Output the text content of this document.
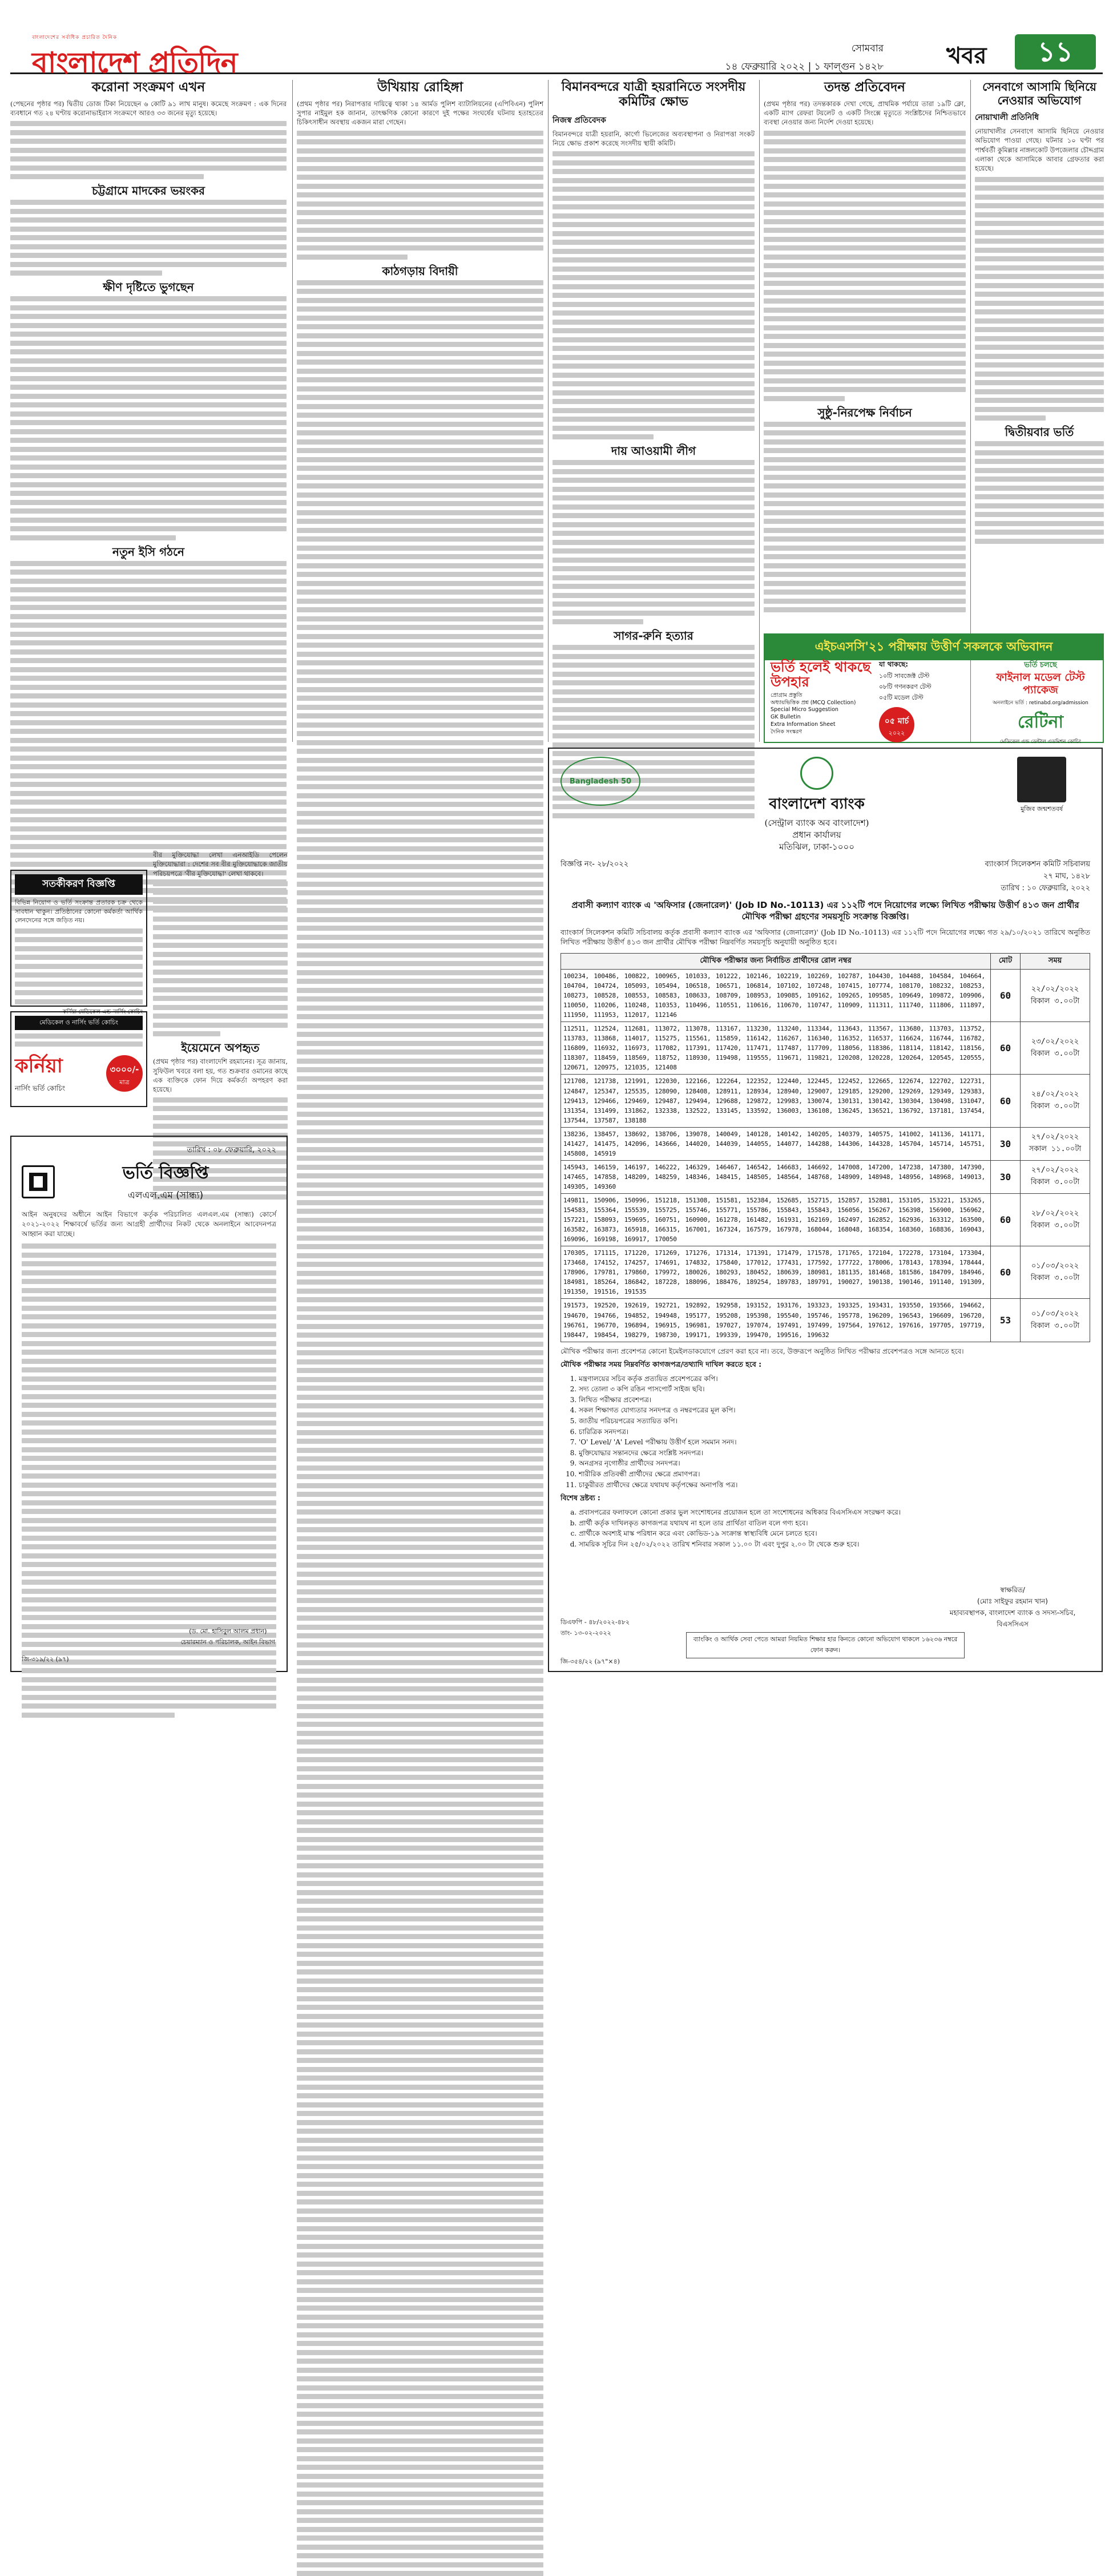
বাংলাদেশের সর্বাধিক প্রচারিত দৈনিক
বাংলাদেশ প্রতিদিন	সোমবার
১৪ ফেব্রুয়ারি ২০২২ | ১ ফাল্গুন ১৪২৮	খবর	১১
করোনা সংক্রমণ এখন
(পেছনের পৃষ্ঠার পর) দ্বিতীয় ডোজ টিকা নিয়েছেন ৬ কোটি ৯১ লাখ মানুষ। কমেছে সংক্রমণ : এক দিনের ব্যবধানে গত ২৪ ঘণ্টায় করোনাভাইরাস সংক্রমণে আরও ৩৩ জনের মৃত্যু হয়েছে।
চট্টগ্রামে মাদকের ভয়ংকর
ক্ষীণ দৃষ্টিতে ভুগছেন
নতুন ইসি গঠনে
বীর মুক্তিযোদ্ধা লেখা এনআইডি পেলেন মুক্তিযোদ্ধারা : দেশের সব বীর মুক্তিযোদ্ধাকে জাতীয় পরিচয়পত্রে 'বীর মুক্তিযোদ্ধা' লেখা থাকবে।
ইয়েমেনে অপহৃত
(প্রথম পৃষ্ঠার পর) বাংলাদেশি রহমানের। সূত্র জানায়, সুফিউল খবরে বলা হয়, গত শুক্রবার ওমানের কাছে এক ব্যক্তিকে ফোন দিয়ে কর্মকর্তা অপহরণ করা হয়েছে।
সতর্কীকরণ বিজ্ঞপ্তি
বিভিন্ন নিয়োগ ও ভর্তি সংক্রান্ত প্রতারক চক্র থেকে সাবধান থাকুন। প্রতিষ্ঠানের কোনো কর্মকর্তা আর্থিক লেনদেনের সঙ্গে জড়িত নয়।
কর্নিয়া মেডিকেল এন্ড নার্সিং কোচিং
মেডিকেল ও নার্সিং ভর্তি কোচিং
কর্নিয়া
নার্সিং ভর্তি কোচিং
৩০০০/-
মাত্র
তারিখ : ০৮ ফেব্রুয়ারি, ২০২২
ভর্তি বিজ্ঞপ্তি
এলএল.এম (সান্ধ্য)
আইন অনুষদের অধীনে আইন বিভাগে কর্তৃক পরিচালিত এলএল.এম (সান্ধ্য) কোর্সে ২০২১-২০২২ শিক্ষাবর্ষে ভর্তির জন্য আগ্রহী প্রার্থীদের নিকট থেকে অনলাইনে আবেদনপত্র আহ্বান করা যাচ্ছে।
(ড. মো. হাসিবুল আলম প্রধান)
চেয়ারম্যান ও পরিচালক, আইন বিভাগ
জি-৩১৯/২২ (৯৭)
উখিয়ায় রোহিঙ্গা
(প্রথম পৃষ্ঠার পর) নিরাপত্তার দায়িত্বে থাকা ১৪ আর্মড পুলিশ ব্যাটালিয়নের (এপিবিএন) পুলিশ সুপার নাইমুল হক জানান, তাৎক্ষণিক কোনো কারণে দুই পক্ষের সংঘর্ষের ঘটনায় হতাহতের চিকিৎসাধীন অবস্থায় একজন মারা গেছেন।
কাঠগড়ায় বিদায়ী
বিমানবন্দরে যাত্রী হয়রানিতে সংসদীয় কমিটির ক্ষোভ
নিজস্ব প্রতিবেদক
বিমানবন্দরে যাত্রী হয়রানি, কার্গো ভিলেজের অব্যবস্থাপনা ও নিরাপত্তা সংকট নিয়ে ক্ষোভ প্রকাশ করেছে সংসদীয় স্থায়ী কমিটি।
দায় আওয়ামী লীগ
সাগর-রুনি হত্যার
তদন্ত প্রতিবেদন
(প্রথম পৃষ্ঠার পর) তদন্তকারক দেখা গেছে, প্রাথমিক পর্যায়ে তারা ১৯টি ক্লো, একটি ম্যাগ রেফরা টয়লেট ও একটি সিংক্সে মৃত্যুতে সংশ্লিষ্টদের নিশ্চিতভাবে ব্যবস্থা নেওয়ার জন্য নির্দেশ দেওয়া হয়েছে।
সুষ্ঠু-নিরপেক্ষ নির্বাচন
সেনবাগে আসামি ছিনিয়ে নেওয়ার অভিযোগ
নোয়াখালী প্রতিনিধি
নোয়াখালীর সেনবাগে আসামি ছিনিয়ে নেওয়ার অভিযোগ পাওয়া গেছে। ঘটনার ১০ ঘণ্টা পর পার্শ্ববর্তী কুমিল্লার নাঙ্গলকোট উপজেলার চৌদ্দগ্রাম এলাকা থেকে আসামিকে আবার গ্রেফতার করা হয়েছে।
দ্বিতীয়বার ভর্তি
এইচএসসি'২১ পরীক্ষায় উত্তীর্ণ সকলকে অভিবাদন
ভর্তি হলেই থাকছে উপহার
প্রোগ্রাম প্রস্তুতি
অধ্যায়ভিত্তিক প্রশ্ন (MCQ Collection)
Special Micro Suggestion
GK Bulletin
Extra Information Sheet
দৈনিক সংস্করণ
যা থাকছে:
১০টি সাবজেক্ট টেস্ট
০৮টি গণনকরণ টেস্ট
০৫টি মডেল টেস্ট
০৫ মার্চ
২০২২
ভর্তি চলছে
ফাইনাল মডেল টেস্ট প্যাকেজ
অনলাইনে ভর্তি : retinabd.org/admission
রেটিনা
মেডিকেল এন্ড ডেন্টাল এডমিশন কোচিং
Bangladesh 50
বাংলাদেশ ব্যাংক
(সেন্ট্রাল ব্যাংক অব বাংলাদেশ)
প্রধান কার্যালয়
মতিঝিল, ঢাকা-১০০০
মুজিব জন্মশতবর্ষ
বিজ্ঞপ্তি নং- ২৮/২০২২	ব্যাংকার্স সিলেকশন কমিটি সচিবালয়
২৭ মাঘ, ১৪২৮
তারিখ : ১০ ফেব্রুয়ারি, ২০২২
প্রবাসী কল্যাণ ব্যাংক এ 'অফিসার (জেনারেল)' (Job ID No.-10113) এর ১১২টি পদে নিয়োগের লক্ষ্যে লিখিত পরীক্ষায় উত্তীর্ণ ৪১৩ জন প্রার্থীর মৌখিক পরীক্ষা গ্রহণের সময়সূচি সংক্রান্ত বিজ্ঞপ্তি।
ব্যাংকার্স সিলেকশন কমিটি সচিবালয় কর্তৃক প্রবাসী কল্যাণ ব্যাংক এর 'অফিসার (জেনারেল)' (Job ID No.-10113) এর ১১২টি পদে নিয়োগের লক্ষ্যে গত ২৯/১০/২০২১ তারিখে অনুষ্ঠিত লিখিত পরীক্ষায় উত্তীর্ণ ৪১৩ জন প্রার্থীর মৌখিক পরীক্ষা নিম্নবর্ণিত সময়সূচি অনুযায়ী অনুষ্ঠিত হবে।
মৌখিক পরীক্ষার জন্য নির্বাচিত প্রার্থীদের রোল নম্বর	মোট	সময়
100234, 100486, 100822, 100965, 101033, 101222, 102146, 102219, 102269, 102787, 104430, 104488, 104584, 104664, 104704, 104724, 105093, 105494, 106518, 106571, 106814, 107102, 107248, 107415, 107774, 108170, 108232, 108253, 108273, 108528, 108553, 108583, 108633, 108709, 108953, 109085, 109162, 109265, 109585, 109649, 109872, 109906, 110050, 110206, 110248, 110353, 110496, 110551, 110616, 110670, 110747, 110909, 111311, 111740, 111806, 111897, 111950, 111953, 112017, 112146	60	২২/০২/২০২২
বিকাল ৩.০০টা

112511, 112524, 112681, 113072, 113078, 113167, 113230, 113240, 113344, 113643, 113567, 113680, 113703, 113752, 113783, 113868, 114017, 115275, 115561, 115859, 116142, 116267, 116340, 116352, 116537, 116624, 116744, 116782, 116809, 116932, 116973, 117082, 117391, 117420, 117471, 117487, 117709, 118056, 118386, 118114, 118142, 118156, 118307, 118459, 118569, 118752, 118930, 119498, 119555, 119671, 119821, 120208, 120228, 120264, 120545, 120555, 120671, 120975, 121035, 121408	60	২৩/০২/২০২২
বিকাল ৩.০০টা

121708, 121738, 121991, 122030, 122166, 122264, 122352, 122440, 122445, 122452, 122665, 122674, 122702, 122731, 124847, 125347, 125535, 128090, 128408, 128911, 128934, 128940, 129007, 129185, 129200, 129269, 129349, 129383, 129413, 129466, 129469, 129487, 129494, 129688, 129872, 129983, 130074, 130131, 130142, 130304, 130498, 131047, 131354, 131499, 131862, 132338, 132522, 133145, 133592, 136003, 136108, 136245, 136521, 136792, 137181, 137454, 137544, 137587, 138188	60	২৪/০২/২০২২
বিকাল ৩.০০টা

138236, 138457, 138692, 138706, 139078, 140049, 140128, 140142, 140205, 140379, 140575, 141002, 141136, 141171, 141427, 141475, 142096, 143666, 144020, 144039, 144055, 144077, 144288, 144306, 144328, 145704, 145714, 145751, 145808, 145919	30	২৭/০২/২০২২
সকাল ১১.০০টা

145943, 146159, 146197, 146222, 146329, 146467, 146542, 146683, 146692, 147008, 147200, 147238, 147380, 147390, 147465, 147858, 148209, 148259, 148346, 148415, 148505, 148564, 148768, 148909, 148948, 148956, 148968, 149013, 149305, 149360	30	২৭/০২/২০২২
বিকাল ৩.০০টা

149811, 150906, 150996, 151218, 151308, 151581, 152384, 152685, 152715, 152857, 152881, 153105, 153221, 153265, 154583, 155364, 155539, 155725, 155746, 155771, 155786, 155843, 155843, 156056, 156267, 156398, 156900, 156962, 157221, 158093, 159695, 160751, 160900, 161278, 161482, 161931, 162169, 162497, 162852, 162936, 163312, 163500, 163582, 163873, 165918, 166315, 167001, 167324, 167579, 167978, 168044, 168048, 168354, 168360, 168836, 169043, 169096, 169198, 169917, 170050	60	২৮/০২/২০২২
বিকাল ৩.০০টা

170305, 171115, 171220, 171269, 171276, 171314, 171391, 171479, 171578, 171765, 172104, 172278, 173104, 173304, 173468, 174152, 174257, 174691, 174832, 175840, 177012, 177431, 177592, 177722, 178006, 178143, 178394, 178444, 178906, 179781, 179860, 179972, 180026, 180293, 180452, 180639, 180981, 181135, 181468, 181586, 184709, 184946, 184981, 185264, 186842, 187228, 188096, 188476, 189254, 189783, 189791, 190027, 190138, 190146, 191140, 191309, 191350, 191516, 191535	60	০১/০৩/২০২২
বিকাল ৩.০০টা

191573, 192520, 192619, 192721, 192892, 192958, 193152, 193176, 193323, 193325, 193431, 193550, 193566, 194662, 194670, 194766, 194852, 194948, 195177, 195208, 195398, 195540, 195746, 195778, 196209, 196543, 196609, 196720, 196761, 196770, 196894, 196915, 196981, 197027, 197074, 197491, 197499, 197564, 197612, 197616, 197705, 197719, 198447, 198454, 198279, 198730, 199171, 199339, 199470, 199516, 199632	53	০১/০৩/২০২২
বিকাল ৩.০০টা
মৌখিক পরীক্ষার জন্য প্রবেশপত্র কোনো ইমেইলডাকযোগে প্রেরণ করা হবে না। তবে, উক্তরূপে অনুষ্ঠিত লিখিত পরীক্ষার প্রবেশপত্রও সঙ্গে আনতে হবে।
মৌখিক পরীক্ষার সময় নিম্নবর্ণিত কাগজপত্র/তথ্যাদি দাখিল করতে হবে :
1. মন্ত্রণালয়ের সচিব কর্তৃক প্রত্যয়িত প্রবেশপত্রের কপি।
2. সদ্য তোলা ৩ কপি রঙিন পাসপোর্ট সাইজ ছবি।
3. লিখিত পরীক্ষার প্রবেশপত্র।
4. সকল শিক্ষাগত যোগ্যতার সনদপত্র ও নম্বরপত্রের মূল কপি।
5. জাতীয় পরিচয়পত্রের সত্যায়িত কপি।
6. চারিত্রিক সনদপত্র।
7. 'O' Level/ 'A' Level পরীক্ষায় উত্তীর্ণ হলে সমমান সনদ।
8. মুক্তিযোদ্ধার সন্তানদের ক্ষেত্রে সংশ্লিষ্ট সনদপত্র।
9. অনগ্রসর নৃগোষ্ঠীর প্রার্থীদের সনদপত্র।
10. শারীরিক প্রতিবন্ধী প্রার্থীদের ক্ষেত্রে প্রমাণপত্র।
11. চাকুরীরত প্রার্থীদের ক্ষেত্রে যথাযথ কর্তৃপক্ষের অনাপত্তি পত্র।
বিশেষ দ্রষ্টব্য :
a. প্রবাসপত্রের ফলাফলে কোনো প্রকার ভুল সংশোধনের প্রয়োজন হলে তা সংশোধনের অধিকার বিএসসিএস সংরক্ষণ করে।
b. প্রার্থী কর্তৃক দাখিলকৃত কাগজপত্র যথাযথ না হলে তার প্রার্থিতা বাতিল বলে গণ্য হবে।
c. প্রার্থীকে অবশ্যই মাস্ক পরিধান করে এবং কোভিড-১৯ সংক্রান্ত স্বাস্থ্যবিধি মেনে চলতে হবে।
d. সাময়িক সূচির দিন ২৫/০২/২০২২ তারিখ শনিবার সকাল ১১.০০ টা এবং দুপুর ২.০০ টা থেকে শুরু হবে।
স্বাক্ষরিত/
(মোঃ সাইফুর রহমান খান)
মহাব্যবস্থাপক, বাংলাদেশ ব্যাংক ও সদস্য-সচিব, বিএসসিএস
ডিএফপি - ৪৮/২০২২-৪৮২
তাং- ১৩-০২-২০২২
ব্যাংকিং ও আর্থিক সেবা পেতে আমরা নিয়মিত শিক্ষার হার কিনতে কোনো অভিযোগ থাকলে ১৬২৩৬ নম্বরে ফোন করুন।
জি-৩৫৪/২২ (৯৭"×৪)
